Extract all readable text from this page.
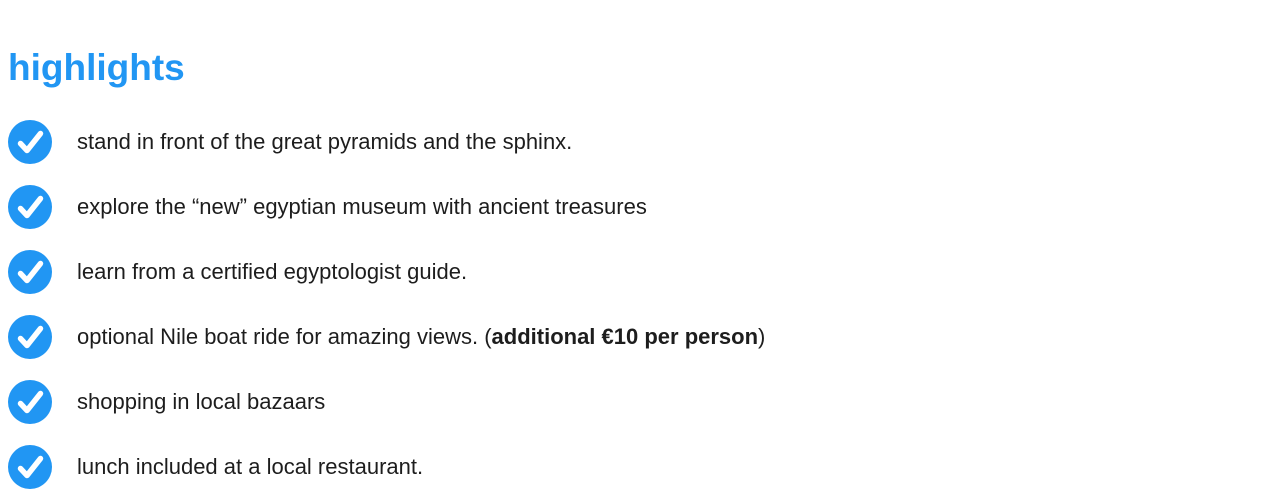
highlights
stand in front of the great pyramids and the sphinx.
explore the “new” egyptian museum with ancient treasures
learn from a certified egyptologist guide.
optional Nile boat ride for amazing views. (additional €10 per person)
shopping in local bazaars
lunch included at a local restaurant.
